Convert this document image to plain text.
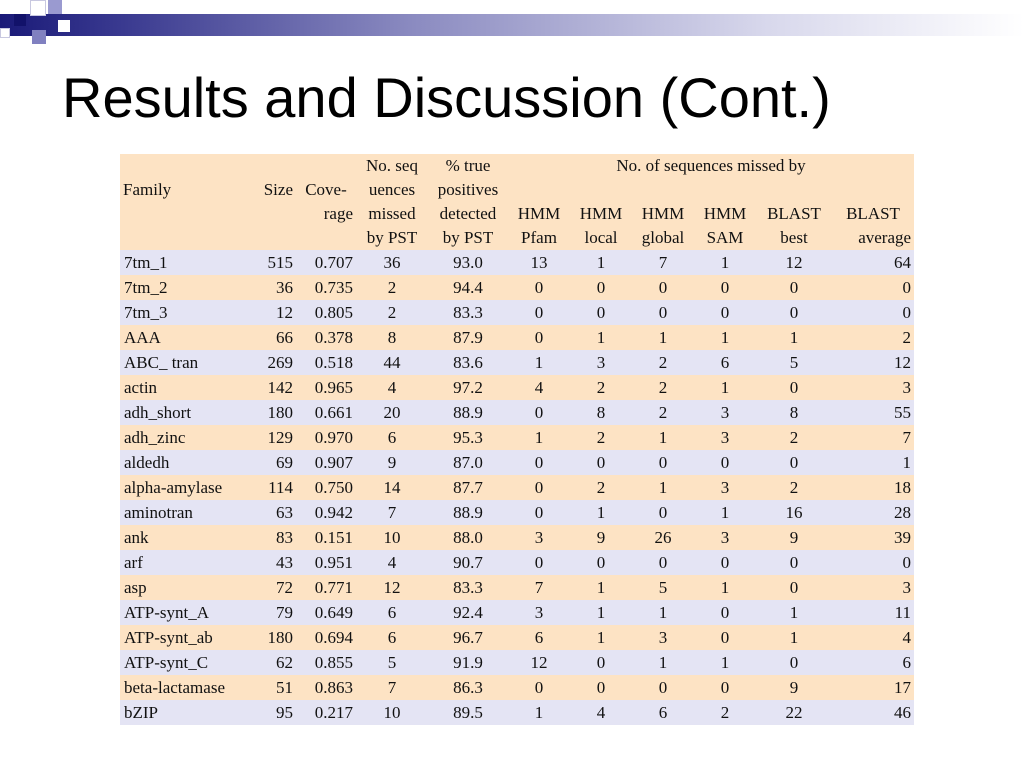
Results and Discussion (Cont.)
			No. seq	% true	No. of sequences missed by					
Family	Size	Cove-	uences	positives						
		rage	missed	detected	HMM	HMM	HMM	HMM	BLAST	BLAST
			by PST	by PST	Pfam	local	global	SAM	best	average
7tm_1	515	0.707	36	93.0	13	1	7	1	12	64
7tm_2	36	0.735	2	94.4	0	0	0	0	0	0
7tm_3	12	0.805	2	83.3	0	0	0	0	0	0
AAA	66	0.378	8	87.9	0	1	1	1	1	2
ABC_ tran	269	0.518	44	83.6	1	3	2	6	5	12
actin	142	0.965	4	97.2	4	2	2	1	0	3
adh_short	180	0.661	20	88.9	0	8	2	3	8	55
adh_zinc	129	0.970	6	95.3	1	2	1	3	2	7
aldedh	69	0.907	9	87.0	0	0	0	0	0	1
alpha-amylase	114	0.750	14	87.7	0	2	1	3	2	18
aminotran	63	0.942	7	88.9	0	1	0	1	16	28
ank	83	0.151	10	88.0	3	9	26	3	9	39
arf	43	0.951	4	90.7	0	0	0	0	0	0
asp	72	0.771	12	83.3	7	1	5	1	0	3
ATP-synt_A	79	0.649	6	92.4	3	1	1	0	1	11
ATP-synt_ab	180	0.694	6	96.7	6	1	3	0	1	4
ATP-synt_C	62	0.855	5	91.9	12	0	1	1	0	6
beta-lactamase	51	0.863	7	86.3	0	0	0	0	9	17
bZIP	95	0.217	10	89.5	1	4	6	2	22	46
